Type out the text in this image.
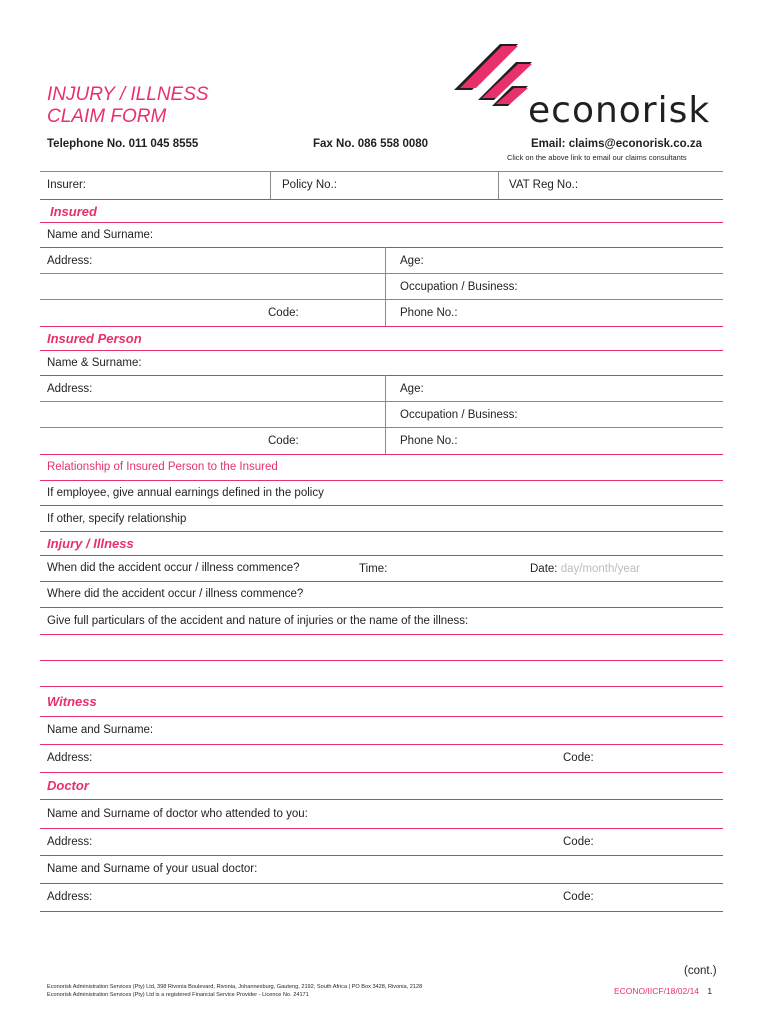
INJURY / ILLNESS
CLAIM FORM	econorisk
Telephone No. 011 045 8555	Fax No. 086 558 0080	Email: claims@econorisk.co.za
Click on the above link to email our claims consultants
Insurer:	Policy No.:	VAT Reg No.:
Insured
Name and Surname:
Address:	Age:
Occupation / Business:
Code:	Phone No.:
Insured Person
Name & Surname:
Address:	Age:
Occupation / Business:
Code:	Phone No.:
Relationship of Insured Person to the Insured
If employee, give annual earnings defined in the policy
If other, specify relationship
Injury / Illness
When did the accident occur / illness commence?	Time:	Date: day/month/year
Where did the accident occur / illness commence?
Give full particulars of the accident and nature of injuries or the name of the illness:
Witness
Name and Surname:
Address:	Code:
Doctor
Name and Surname of doctor who attended to you:
Address:	Code:
Name and Surname of your usual doctor:
Address:	Code:
(cont.)
Econorisk Administration Services (Pty) Ltd, 398 Rivonia Boulevard, Rivonia, Johannesburg, Gauteng, 2192, South Africa | PO Box 3428, Rivonia, 2128
Econorisk Administration Services (Pty) Ltd is a registered Financial Service Provider - Licence No. 24171	ECONO/IICF/18/02/14 1
